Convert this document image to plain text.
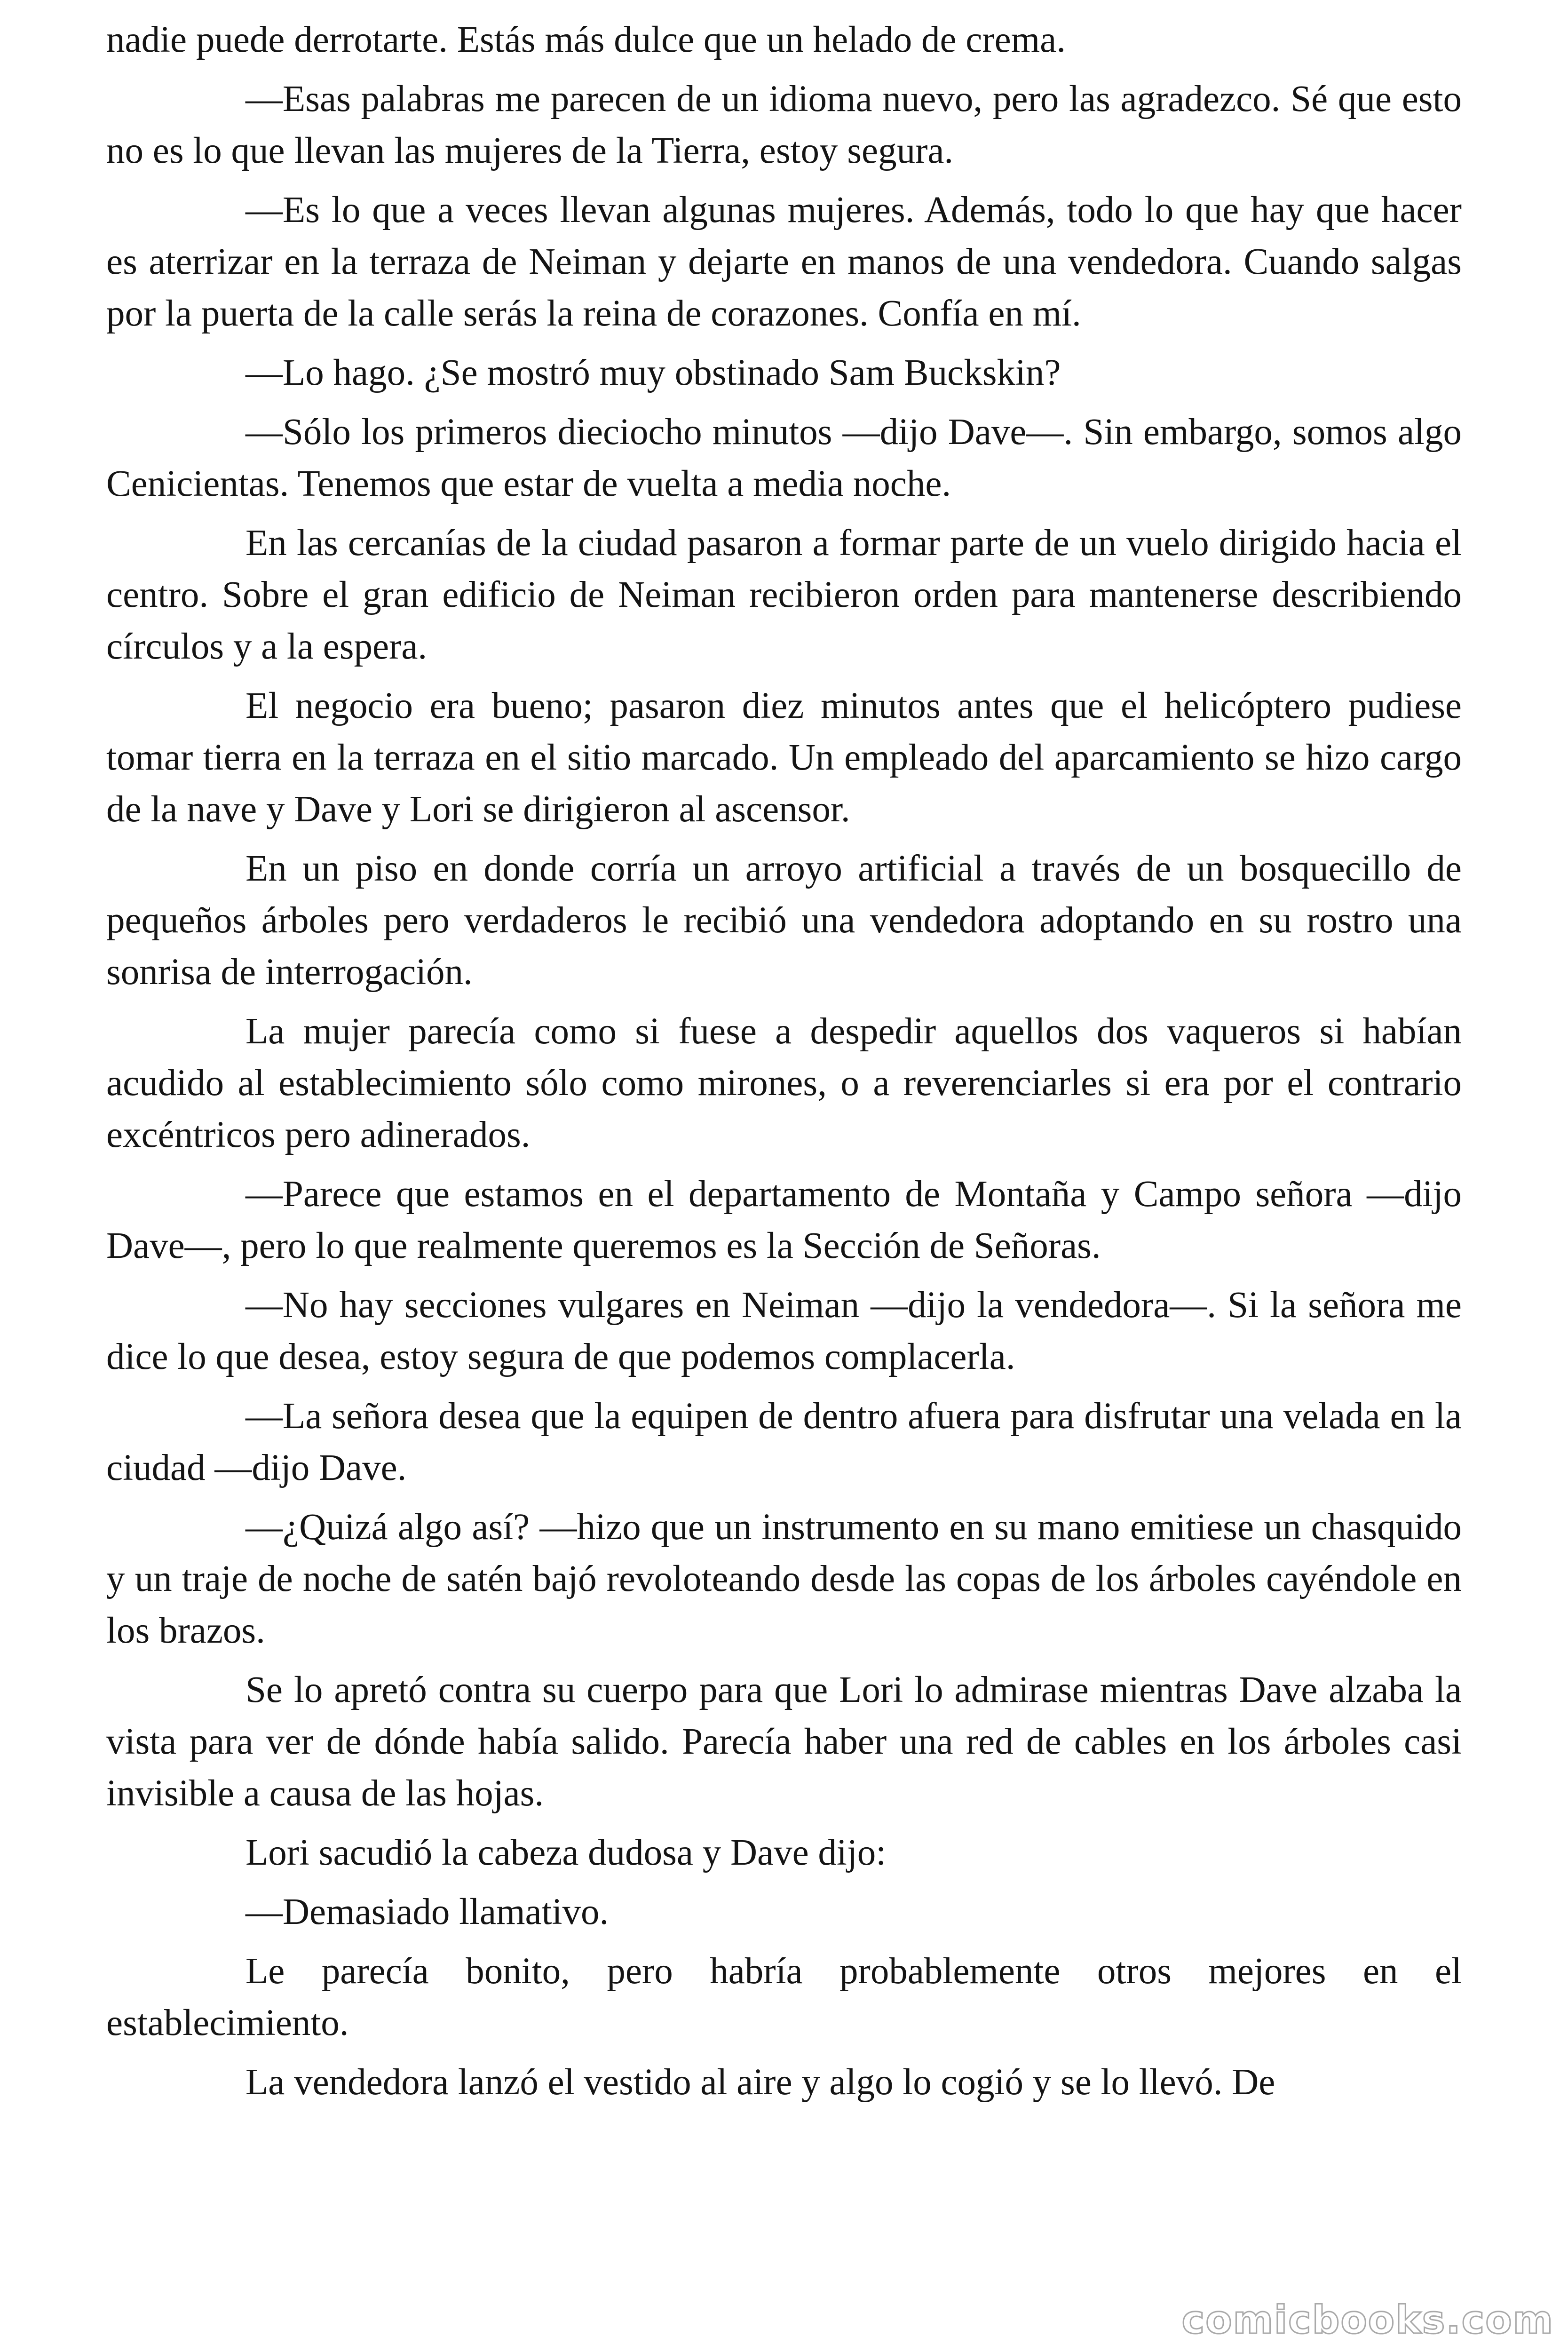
nadie puede derrotarte. Estás más dulce que un helado de crema.

—Esas palabras me parecen de un idioma nuevo, pero las agradezco. Sé que esto no es lo que llevan las mujeres de la Tierra, estoy segura.

—Es lo que a veces llevan algunas mujeres. Además, todo lo que hay que hacer es aterrizar en la terraza de Neiman y dejarte en manos de una vendedora. Cuando salgas por la puerta de la calle serás la reina de corazones. Confía en mí.

—Lo hago. ¿Se mostró muy obstinado Sam Buckskin?

—Sólo los primeros dieciocho minutos —dijo Dave—. Sin embargo, somos algo Cenicientas. Tenemos que estar de vuelta a media noche.

En las cercanías de la ciudad pasaron a formar parte de un vuelo dirigido hacia el centro. Sobre el gran edificio de Neiman recibieron orden para mantenerse describiendo círculos y a la espera.

El negocio era bueno; pasaron diez minutos antes que el helicóptero pudiese tomar tierra en la terraza en el sitio marcado. Un empleado del aparcamiento se hizo cargo de la nave y Dave y Lori se dirigieron al ascensor.

En un piso en donde corría un arroyo artificial a través de un bosquecillo de pequeños árboles pero verdaderos le recibió una vendedora adoptando en su rostro una sonrisa de interrogación.

La mujer parecía como si fuese a despedir aquellos dos vaqueros si habían acudido al establecimiento sólo como mirones, o a reverenciarles si era por el contrario excéntricos pero adinerados.

—Parece que estamos en el departamento de Montaña y Campo señora —dijo Dave—, pero lo que realmente queremos es la Sección de Señoras.

—No hay secciones vulgares en Neiman —dijo la vendedora—. Si la señora me dice lo que desea, estoy segura de que podemos complacerla.

—La señora desea que la equipen de dentro afuera para disfrutar una velada en la ciudad —dijo Dave.

—¿Quizá algo así? —hizo que un instrumento en su mano emitiese un chasquido y un traje de noche de satén bajó revoloteando desde las copas de los árboles cayéndole en los brazos.

Se lo apretó contra su cuerpo para que Lori lo admirase mientras Dave alzaba la vista para ver de dónde había salido. Parecía haber una red de cables en los árboles casi invisible a causa de las hojas.

Lori sacudió la cabeza dudosa y Dave dijo:

—Demasiado llamativo.

Le parecía bonito, pero habría probablemente otros mejores en el establecimiento.

La vendedora lanzó el vestido al aire y algo lo cogió y se lo llevó. De

comicbooks.com
